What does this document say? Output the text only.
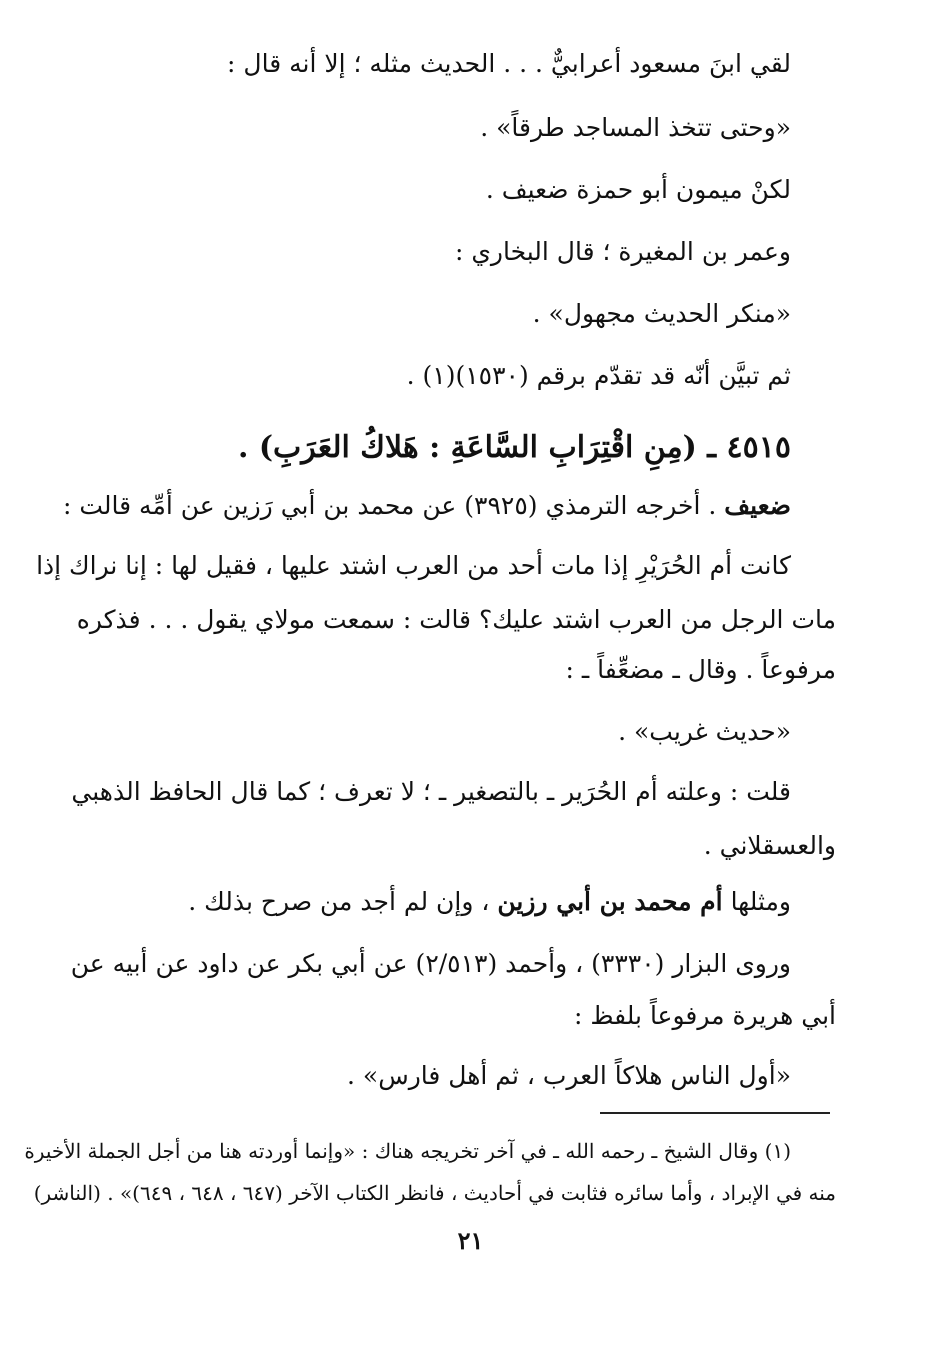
لقي ابنَ مسعود أعرابيٌّ . . . الحديث مثله ؛ إلا أنه قال :
«وحتى تتخذ المساجد طرقاً» .
لكنْ ميمون أبو حمزة ضعيف .
وعمر بن المغيرة ؛ قال البخاري :
«منكر الحديث مجهول» .
ثم تبيَّن أنّه قد تقدّم برقم (١٥٣٠)(١) .
٤٥١٥ ـ (مِنِ اقْتِرَابِ السَّاعَةِ : هَلاكُ العَرَبِ) .
ضعيف . أخرجه الترمذي (٣٩٢٥) عن محمد بن أبي رَزين عن أمِّه قالت :
كانت أم الحُرَيْرِ إذا مات أحد من العرب اشتد عليها ، فقيل لها : إنا نراك إذا
مات الرجل من العرب اشتد عليك؟ قالت : سمعت مولاي يقول . . . فذكره
مرفوعاً . وقال ـ مضعِّفاً ـ :
«حديث غريب» .
قلت : وعلته أم الحُرَير ـ بالتصغير ـ ؛ لا تعرف ؛ كما قال الحافظ الذهبي
والعسقلاني .
ومثلها أم محمد بن أبي رزين ، وإن لم أجد من صرح بذلك .
وروى البزار (٣٣٣٠) ، وأحمد (٢/٥١٣) عن أبي بكر عن داود عن أبيه عن
أبي هريرة مرفوعاً بلفظ :
«أول الناس هلاكاً العرب ، ثم أهل فارس» .
(١) وقال الشيخ ـ رحمه الله ـ في آخر تخريجه هناك : «وإنما أوردته هنا من أجل الجملة الأخيرة
منه في الإبراد ، وأما سائره فثابت في أحاديث ، فانظر الكتاب الآخر (٦٤٧ ، ٦٤٨ ، ٦٤٩)» . (الناشر)
٢١
